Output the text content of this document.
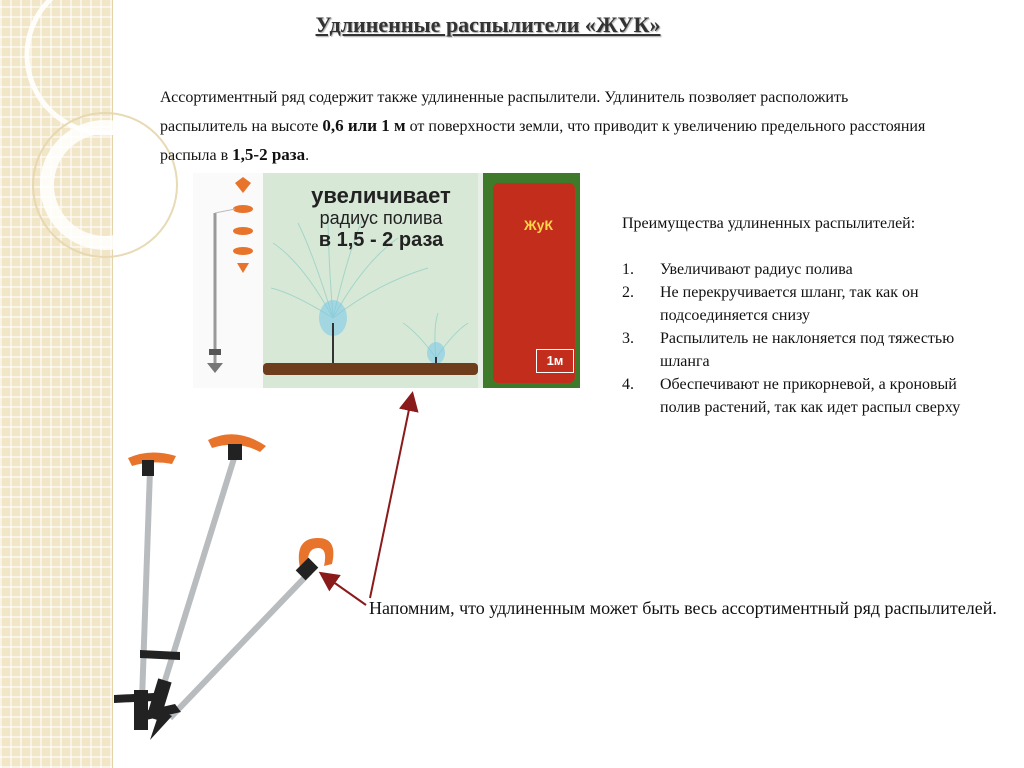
Удлиненные распылители «ЖУК»

Ассортиментный ряд содержит также удлиненные распылители. Удлинитель позволяет расположить распылитель на высоте 0,6 или 1 м от поверхности земли, что приводит к увеличению предельного расстояния распыла в 1,5-2 раза.

увеличивает
радиус полива
в 1,5 - 2 раза
ЖуК
1м

Преимущества удлиненных распылителей:

1. Увеличивают радиус полива
2. Не перекручивается шланг, так как он подсоединяется снизу
3. Распылитель не наклоняется под тяжестью шланга
4. Обеспечивают не прикорневой, а кроновый полив растений, так как идет распыл сверху

Напомним, что удлиненным может быть весь ассортиментный ряд распылителей.
